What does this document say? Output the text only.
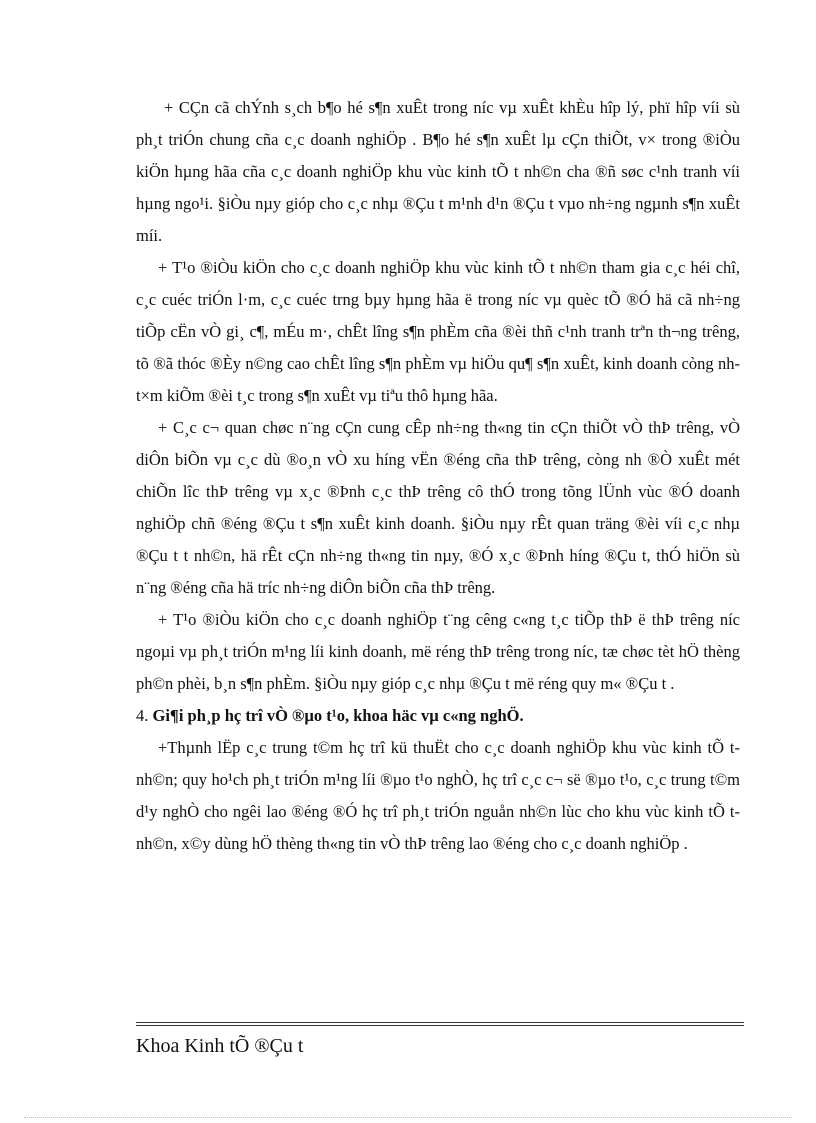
+ CÇn cã chÝnh s¸ch b¶o hé s¶n xuÊt trong níc vµ xuÊt khÈu hîp lý, phï hîp víi sù ph¸t triÓn chung cña c¸c doanh nghiÖp . B¶o hé s¶n xuÊt lµ cÇn thiÕt, v× trong ®iÒu kiÖn hµng hãa cña c¸c doanh nghiÖp khu vùc kinh tÕ t nh©n cha ®ñ søc c¹nh tranh víi hµng ngo¹i. §iÒu nµy gióp cho c¸c nhµ ®Çu t m¹nh d¹n ®Çu t vµo nh÷ng ngµnh s¶n xuÊt míi.

+ T¹o ®iÒu kiÖn cho c¸c doanh nghiÖp khu vùc kinh tÕ t nh©n tham gia c¸c héi chî, c¸c cuéc triÓn l·m, c¸c cuéc trng bµy hµng hãa ë trong níc vµ quèc tÕ ®Ó hä cã nh÷ng tiÕp cËn vÒ gi¸ c¶, mÉu m·, chÊt lîng s¶n phÈm cña ®èi thñ c¹nh tranh trªn th¬ng trêng, tõ ®ã thóc ®Èy n©ng cao chÊt lîng s¶n phÈm vµ hiÖu qu¶ s¶n xuÊt, kinh doanh còng nh t×m kiÕm ®èi t¸c trong s¶n xuÊt vµ tiªu thô hµng hãa.

+ C¸c c¬ quan chøc n¨ng cÇn cung cÊp nh÷ng th«ng tin cÇn thiÕt vÒ thÞ trêng, vÒ diÔn biÕn vµ c¸c dù ®o¸n vÒ xu híng vËn ®éng cña thÞ trêng, còng nh ®Ò xuÊt mét chiÕn lîc thÞ trêng vµ x¸c ®Þnh c¸c thÞ trêng cô thÓ trong tõng lÜnh vùc ®Ó doanh nghiÖp chñ ®éng ®Çu t s¶n xuÊt kinh doanh. §iÒu nµy rÊt quan träng ®èi víi c¸c nhµ ®Çu t t nh©n, hä rÊt cÇn nh÷ng th«ng tin nµy, ®Ó x¸c ®Þnh híng ®Çu t, thÓ hiÖn sù n¨ng ®éng cña hä tríc nh÷ng diÔn biÕn cña thÞ trêng.

+ T¹o ®iÒu kiÖn cho c¸c doanh nghiÖp t¨ng cêng c«ng t¸c tiÕp thÞ ë thÞ trêng níc ngoµi vµ ph¸t triÓn m¹ng líi kinh doanh, më réng thÞ trêng trong níc, tæ chøc tèt hÖ thèng ph©n phèi, b¸n s¶n phÈm. §iÒu nµy gióp c¸c nhµ ®Çu t më réng quy m« ®Çu t .

4. Gi¶i ph¸p hç trî vÒ ®µo t¹o, khoa häc vµ c«ng nghÖ.

+Thµnh lËp c¸c trung t©m hç trî kü thuËt cho c¸c doanh nghiÖp khu vùc kinh tÕ t nh©n; quy ho¹ch ph¸t triÓn m¹ng líi ®µo t¹o nghÒ, hç trî c¸c c¬ së ®µo t¹o, c¸c trung t©m d¹y nghÒ cho ngêi lao ®éng ®Ó hç trî ph¸t triÓn nguån nh©n lùc cho khu vùc kinh tÕ t nh©n, x©y dùng hÖ thèng th«ng tin vÒ thÞ trêng lao ®éng cho c¸c doanh nghiÖp .

Khoa Kinh tÕ ®Çu t
